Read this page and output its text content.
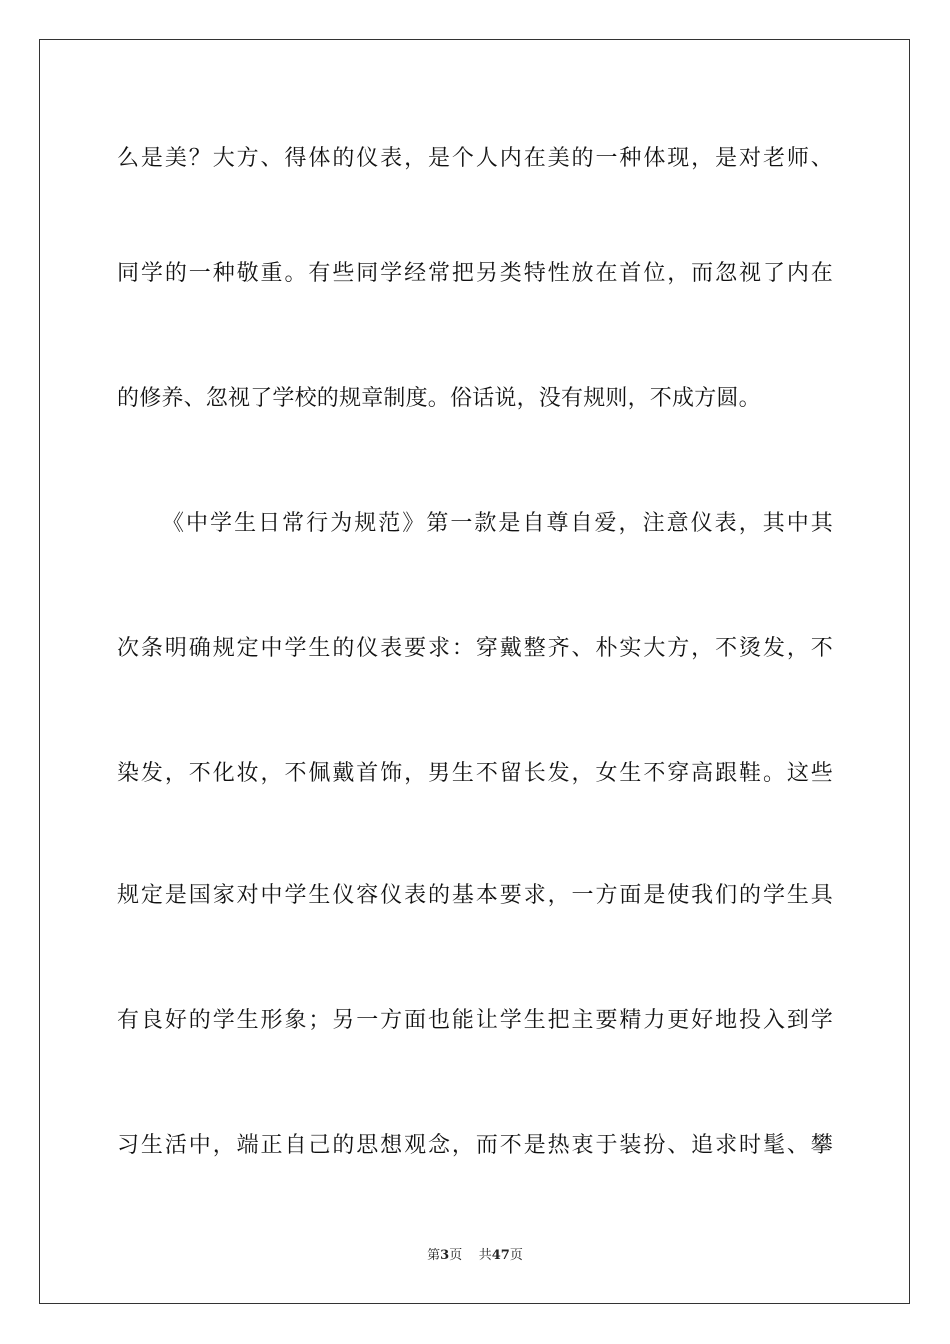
么是美？大方、得体的仪表，是个人内在美的一种体现，是对老师、
同学的一种敬重。有些同学经常把另类特性放在首位，而忽视了内在
的修养、忽视了学校的规章制度。俗话说，没有规则，不成方圆。
《中学生日常行为规范》第一款是自尊自爱，注意仪表，其中其
次条明确规定中学生的仪表要求：穿戴整齐、朴实大方，不烫发，不
染发，不化妆，不佩戴首饰，男生不留长发，女生不穿高跟鞋。这些
规定是国家对中学生仪容仪表的基本要求，一方面是使我们的学生具
有良好的学生形象；另一方面也能让学生把主要精力更好地投入到学
习生活中，端正自己的思想观念，而不是热衷于装扮、追求时髦、攀
第3页 共47页
